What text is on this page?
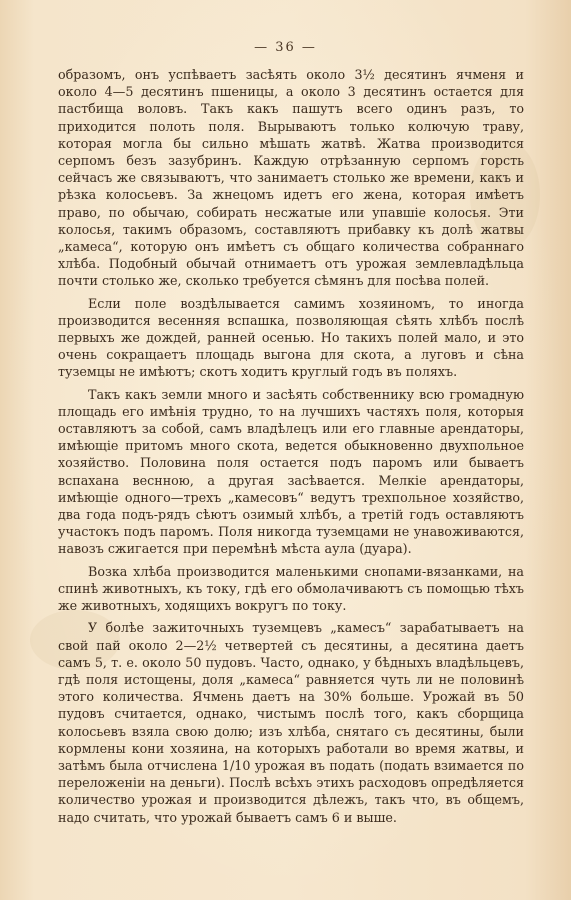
— 36 —

образомъ, онъ успѣваетъ засѣять около 3½ десятинъ ячменя и около 4—5 десятинъ пшеницы, а около 3 десятинъ остается для пастбища воловъ. Такъ какъ пашутъ всего одинъ разъ, то приходится полоть поля. Вырываютъ только колючую траву, которая могла бы сильно мѣшать жатвѣ. Жатва производится серпомъ безъ зазубринъ. Каждую отрѣзанную серпомъ горсть сейчасъ же связываютъ, что занимаетъ столько же времени, какъ и рѣзка колосьевъ. За жнецомъ идетъ его жена, которая имѣетъ право, по обычаю, собирать несжатые или упавшіе колосья. Эти колосья, такимъ образомъ, составляютъ прибавку къ долѣ жатвы „камеса“, которую онъ имѣетъ съ общаго количества собраннаго хлѣба. Подобный обычай отнимаетъ отъ урожая землевладѣльца почти столько же, сколько требуется сѣмянъ для посѣва полей.

Если поле воздѣлывается самимъ хозяиномъ, то иногда производится весенняя вспашка, позволяющая сѣять хлѣбъ послѣ первыхъ же дождей, ранней осенью. Но такихъ полей мало, и это очень сокращаетъ площадь выгона для скота, а луговъ и сѣна туземцы не имѣютъ; скотъ ходитъ круглый годъ въ поляхъ.

Такъ какъ земли много и засѣять собственнику всю громадную площадь его имѣнія трудно, то на лучшихъ частяхъ поля, которыя оставляютъ за собой, самъ владѣлецъ или его главные арендаторы, имѣющіе притомъ много скота, ведется обыкновенно двухпольное хозяйство. Половина поля остается подъ паромъ или бываетъ вспахана веснною, а другая засѣвается. Мелкіе арендаторы, имѣющіе одного—трехъ „камесовъ“ ведутъ трехпольное хозяйство, два года подъ-рядъ сѣютъ озимый хлѣбъ, а третій годъ оставляютъ участокъ подъ паромъ. Поля никогда туземцами не унавоживаются, навозъ сжигается при перемѣнѣ мѣста аула (дуара).

Возка хлѣба производится маленькими снопами-вязанками, на спинѣ животныхъ, къ току, гдѣ его обмолачиваютъ съ помощью тѣхъ же животныхъ, ходящихъ вокругъ по току.

У болѣе зажиточныхъ туземцевъ „камесъ“ зарабатываетъ на свой пай около 2—2½ четвертей съ десятины, а десятина даетъ самъ 5, т. е. около 50 пудовъ. Часто, однако, у бѣдныхъ владѣльцевъ, гдѣ поля истощены, доля „камеса“ равняется чуть ли не половинѣ этого количества. Ячмень даетъ на 30% больше. Урожай въ 50 пудовъ считается, однако, чистымъ послѣ того, какъ сборщица колосьевъ взяла свою долю; изъ хлѣба, снятаго съ десятины, были кормлены кони хозяина, на которыхъ работали во время жатвы, и затѣмъ была отчислена 1/10 урожая въ подать (подать взимается по переложеніи на деньги). Послѣ всѣхъ этихъ расходовъ опредѣляется количество урожая и производится дѣлежъ, такъ что, въ общемъ, надо считать, что урожай бываетъ самъ 6 и выше.
